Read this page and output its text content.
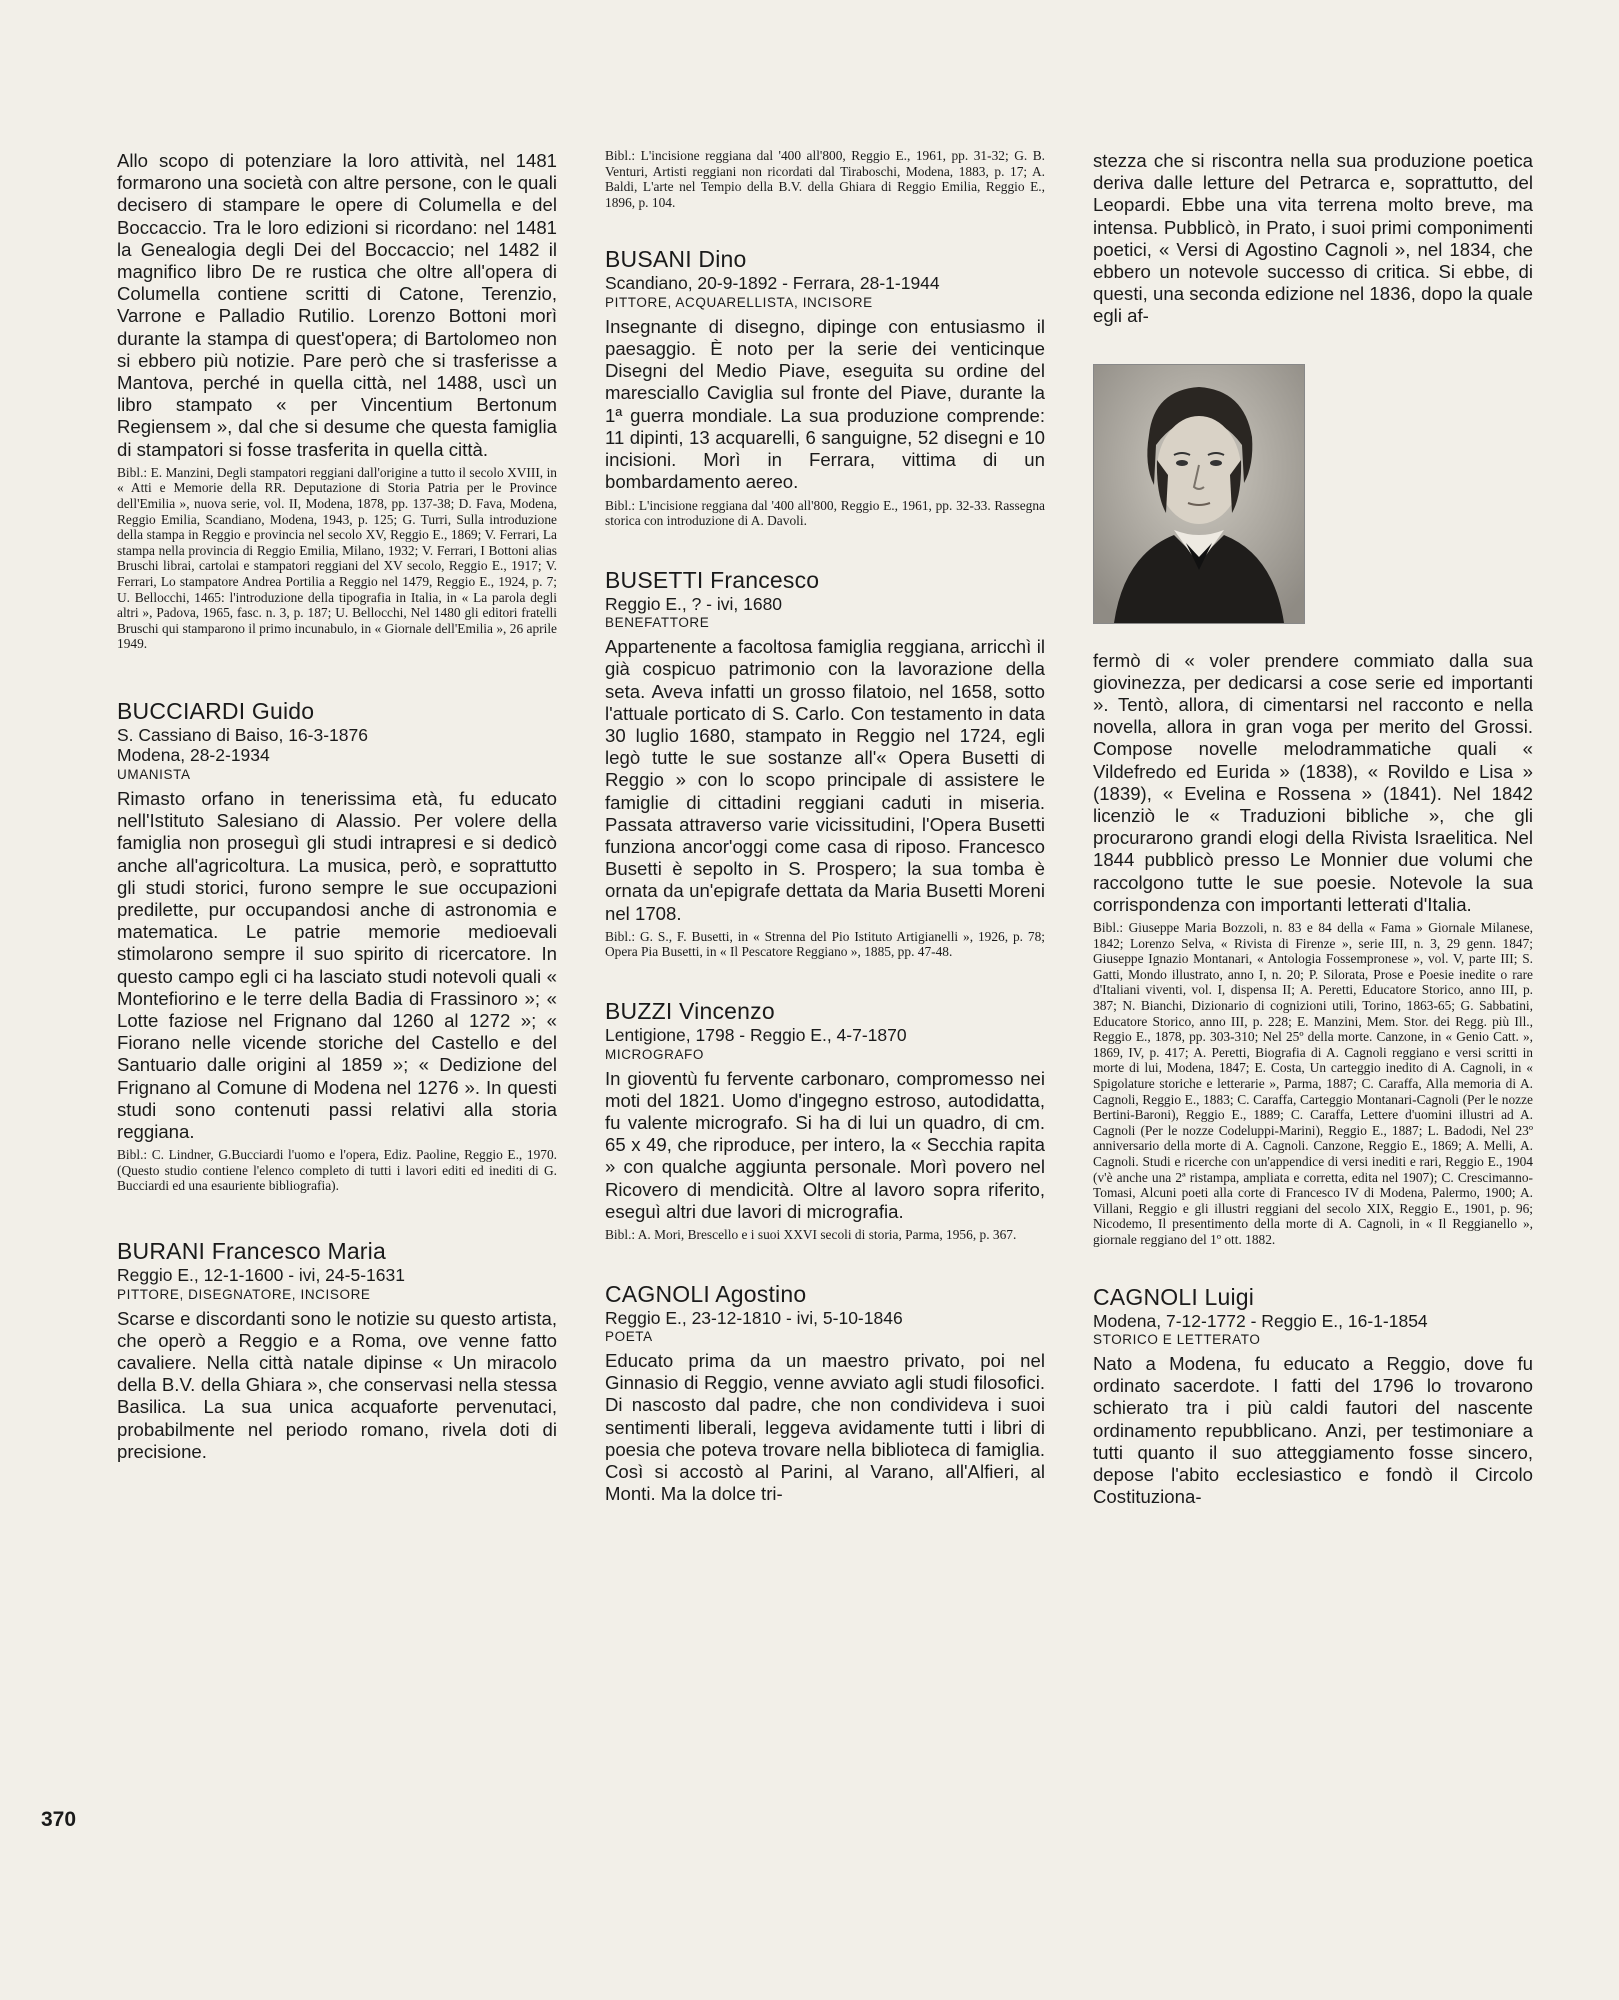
Allo scopo di potenziare la loro attività, nel 1481 formarono una società con altre persone, con le quali decisero di stampare le opere di Columella e del Boccaccio. Tra le loro edizioni si ricordano: nel 1481 la Genealogia degli Dei del Boccaccio; nel 1482 il magnifico libro De re rustica che oltre all'opera di Columella contiene scritti di Catone, Terenzio, Varrone e Palladio Rutilio. Lorenzo Bottoni morì durante la stampa di quest'opera; di Bartolomeo non si ebbero più notizie. Pare però che si trasferisse a Mantova, perché in quella città, nel 1488, uscì un libro stampato « per Vincentium Bertonum Regiensem », dal che si desume che questa famiglia di stampatori si fosse trasferita in quella città.

Bibl.: E. Manzini, Degli stampatori reggiani dall'origine a tutto il secolo XVIII, in « Atti e Memorie della RR. Deputazione di Storia Patria per le Province dell'Emilia », nuova serie, vol. II, Modena, 1878, pp. 137-38; D. Fava, Modena, Reggio Emilia, Scandiano, Modena, 1943, p. 125; G. Turri, Sulla introduzione della stampa in Reggio e provincia nel secolo XV, Reggio E., 1869; V. Ferrari, La stampa nella provincia di Reggio Emilia, Milano, 1932; V. Ferrari, I Bottoni alias Bruschi librai, cartolai e stampatori reggiani del XV secolo, Reggio E., 1917; V. Ferrari, Lo stampatore Andrea Portilia a Reggio nel 1479, Reggio E., 1924, p. 7; U. Bellocchi, 1465: l'introduzione della tipografia in Italia, in « La parola degli altri », Padova, 1965, fasc. n. 3, p. 187; U. Bellocchi, Nel 1480 gli editori fratelli Bruschi qui stamparono il primo incunabulo, in « Giornale dell'Emilia », 26 aprile 1949.

BUCCIARDI Guido
S. Cassiano di Baiso, 16-3-1876
Modena, 28-2-1934
UMANISTA

Rimasto orfano in tenerissima età, fu educato nell'Istituto Salesiano di Alassio. Per volere della famiglia non proseguì gli studi intrapresi e si dedicò anche all'agricoltura. La musica, però, e soprattutto gli studi storici, furono sempre le sue occupazioni predilette, pur occupandosi anche di astronomia e matematica. Le patrie memorie medioevali stimolarono sempre il suo spirito di ricercatore. In questo campo egli ci ha lasciato studi notevoli quali « Montefiorino e le terre della Badia di Frassinoro »; « Lotte faziose nel Frignano dal 1260 al 1272 »; « Fiorano nelle vicende storiche del Castello e del Santuario dalle origini al 1859 »; « Dedizione del Frignano al Comune di Modena nel 1276 ». In questi studi sono contenuti passi relativi alla storia reggiana.

Bibl.: C. Lindner, G.Bucciardi l'uomo e l'opera, Ediz. Paoline, Reggio E., 1970. (Questo studio contiene l'elenco completo di tutti i lavori editi ed inediti di G. Bucciardi ed una esauriente bibliografia).

BURANI Francesco Maria
Reggio E., 12-1-1600 - ivi, 24-5-1631
PITTORE, DISEGNATORE, INCISORE

Scarse e discordanti sono le notizie su questo artista, che operò a Reggio e a Roma, ove venne fatto cavaliere. Nella città natale dipinse « Un miracolo della B.V. della Ghiara », che conservasi nella stessa Basilica. La sua unica acquaforte pervenutaci, probabilmente nel periodo romano, rivela doti di precisione.

Bibl.: L'incisione reggiana dal '400 all'800, Reggio E., 1961, pp. 31-32; G. B. Venturi, Artisti reggiani non ricordati dal Tiraboschi, Modena, 1883, p. 17; A. Baldi, L'arte nel Tempio della B.V. della Ghiara di Reggio Emilia, Reggio E., 1896, p. 104.

BUSANI Dino
Scandiano, 20-9-1892 - Ferrara, 28-1-1944
PITTORE, ACQUARELLISTA, INCISORE

Insegnante di disegno, dipinge con entusiasmo il paesaggio. È noto per la serie dei venticinque Disegni del Medio Piave, eseguita su ordine del maresciallo Caviglia sul fronte del Piave, durante la 1ª guerra mondiale. La sua produzione comprende: 11 dipinti, 13 acquarelli, 6 sanguigne, 52 disegni e 10 incisioni. Morì in Ferrara, vittima di un bombardamento aereo.

Bibl.: L'incisione reggiana dal '400 all'800, Reggio E., 1961, pp. 32-33. Rassegna storica con introduzione di A. Davoli.

BUSETTI Francesco
Reggio E., ? - ivi, 1680
BENEFATTORE

Appartenente a facoltosa famiglia reggiana, arricchì il già cospicuo patrimonio con la lavorazione della seta. Aveva infatti un grosso filatoio, nel 1658, sotto l'attuale porticato di S. Carlo. Con testamento in data 30 luglio 1680, stampato in Reggio nel 1724, egli legò tutte le sue sostanze all'« Opera Busetti di Reggio » con lo scopo principale di assistere le famiglie di cittadini reggiani caduti in miseria. Passata attraverso varie vicissitudini, l'Opera Busetti funziona ancor'oggi come casa di riposo. Francesco Busetti è sepolto in S. Prospero; la sua tomba è ornata da un'epigrafe dettata da Maria Busetti Moreni nel 1708.

Bibl.: G. S., F. Busetti, in « Strenna del Pio Istituto Artigianelli », 1926, p. 78; Opera Pia Busetti, in « Il Pescatore Reggiano », 1885, pp. 47-48.

BUZZI Vincenzo
Lentigione, 1798 - Reggio E., 4-7-1870
MICROGRAFO

In gioventù fu fervente carbonaro, compromesso nei moti del 1821. Uomo d'ingegno estroso, autodidatta, fu valente micrografo. Si ha di lui un quadro, di cm. 65 x 49, che riproduce, per intero, la « Secchia rapita » con qualche aggiunta personale. Morì povero nel Ricovero di mendicità. Oltre al lavoro sopra riferito, eseguì altri due lavori di micrografia.

Bibl.: A. Mori, Brescello e i suoi XXVI secoli di storia, Parma, 1956, p. 367.

CAGNOLI Agostino
Reggio E., 23-12-1810 - ivi, 5-10-1846
POETA

Educato prima da un maestro privato, poi nel Ginnasio di Reggio, venne avviato agli studi filosofici. Di nascosto dal padre, che non condivideva i suoi sentimenti liberali, leggeva avidamente tutti i libri di poesia che poteva trovare nella biblioteca di famiglia. Così si accostò al Parini, al Varano, all'Alfieri, al Monti. Ma la dolce tri-

stezza che si riscontra nella sua produzione poetica deriva dalle letture del Petrarca e, soprattutto, del Leopardi. Ebbe una vita terrena molto breve, ma intensa. Pubblicò, in Prato, i suoi primi componimenti poetici, « Versi di Agostino Cagnoli », nel 1834, che ebbero un notevole successo di critica. Si ebbe, di questi, una seconda edizione nel 1836, dopo la quale egli af-

fermò di « voler prendere commiato dalla sua giovinezza, per dedicarsi a cose serie ed importanti ». Tentò, allora, di cimentarsi nel racconto e nella novella, allora in gran voga per merito del Grossi. Compose novelle melodrammatiche quali « Vildefredo ed Eurida » (1838), « Rovildo e Lisa » (1839), « Evelina e Rossena » (1841). Nel 1842 licenziò le « Traduzioni bibliche », che gli procurarono grandi elogi della Rivista Israelitica. Nel 1844 pubblicò presso Le Monnier due volumi che raccolgono tutte le sue poesie. Notevole la sua corrispondenza con importanti letterati d'Italia.

Bibl.: Giuseppe Maria Bozzoli, n. 83 e 84 della « Fama » Giornale Milanese, 1842; Lorenzo Selva, « Rivista di Firenze », serie III, n. 3, 29 genn. 1847; Giuseppe Ignazio Montanari, « Antologia Fossempronese », vol. V, parte III; S. Gatti, Mondo illustrato, anno I, n. 20; P. Silorata, Prose e Poesie inedite o rare d'Italiani viventi, vol. I, dispensa II; A. Peretti, Educatore Storico, anno III, p. 387; N. Bianchi, Dizionario di cognizioni utili, Torino, 1863-65; G. Sabbatini, Educatore Storico, anno III, p. 228; E. Manzini, Mem. Stor. dei Regg. più Ill., Reggio E., 1878, pp. 303-310; Nel 25º della morte. Canzone, in « Genio Catt. », 1869, IV, p. 417; A. Peretti, Biografia di A. Cagnoli reggiano e versi scritti in morte di lui, Modena, 1847; E. Costa, Un carteggio inedito di A. Cagnoli, in « Spigolature storiche e letterarie », Parma, 1887; C. Caraffa, Alla memoria di A. Cagnoli, Reggio E., 1883; C. Caraffa, Carteggio Montanari-Cagnoli (Per le nozze Bertini-Baroni), Reggio E., 1889; C. Caraffa, Lettere d'uomini illustri ad A. Cagnoli (Per le nozze Codeluppi-Marini), Reggio E., 1887; L. Badodi, Nel 23º anniversario della morte di A. Cagnoli. Canzone, Reggio E., 1869; A. Melli, A. Cagnoli. Studi e ricerche con un'appendice di versi inediti e rari, Reggio E., 1904 (v'è anche una 2ª ristampa, ampliata e corretta, edita nel 1907); C. Crescimanno-Tomasi, Alcuni poeti alla corte di Francesco IV di Modena, Palermo, 1900; A. Villani, Reggio e gli illustri reggiani del secolo XIX, Reggio E., 1901, p. 96; Nicodemo, Il presentimento della morte di A. Cagnoli, in « Il Reggianello », giornale reggiano del 1º ott. 1882.

CAGNOLI Luigi
Modena, 7-12-1772 - Reggio E., 16-1-1854
STORICO E LETTERATO

Nato a Modena, fu educato a Reggio, dove fu ordinato sacerdote. I fatti del 1796 lo trovarono schierato tra i più caldi fautori del nascente ordinamento repubblicano. Anzi, per testimoniare a tutti quanto il suo atteggiamento fosse sincero, depose l'abito ecclesiastico e fondò il Circolo Costituziona-

370
